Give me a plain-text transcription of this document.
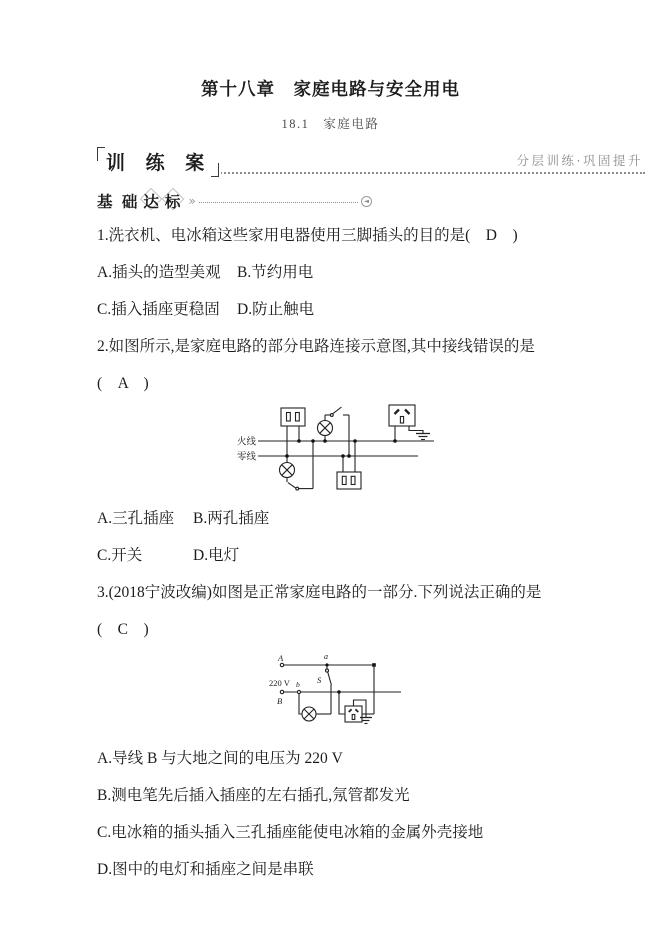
第十八章　家庭电路与安全用电
18.1　家庭电路
训 练 案	分层训练·巩固提升
基 础 达 标 »	◄
1.洗衣机、电冰箱这些家用电器使用三脚插头的目的是(　D　)
A.插头的造型美观	B.节约用电
C.插入插座更稳固	D.防止触电
2.如图所示,是家庭电路的部分电路连接示意图,其中接线错误的是
(　A　)
火线
零线
A.三孔插座	B.两孔插座
C.开关	D.电灯
3.(2018宁波改编)如图是正常家庭电路的一部分.下列说法正确的是
(　C　)
A	a
S
220 V b
B
A.导线 B 与大地之间的电压为 220 V
B.测电笔先后插入插座的左右插孔,氖管都发光
C.电冰箱的插头插入三孔插座能使电冰箱的金属外壳接地
D.图中的电灯和插座之间是串联
